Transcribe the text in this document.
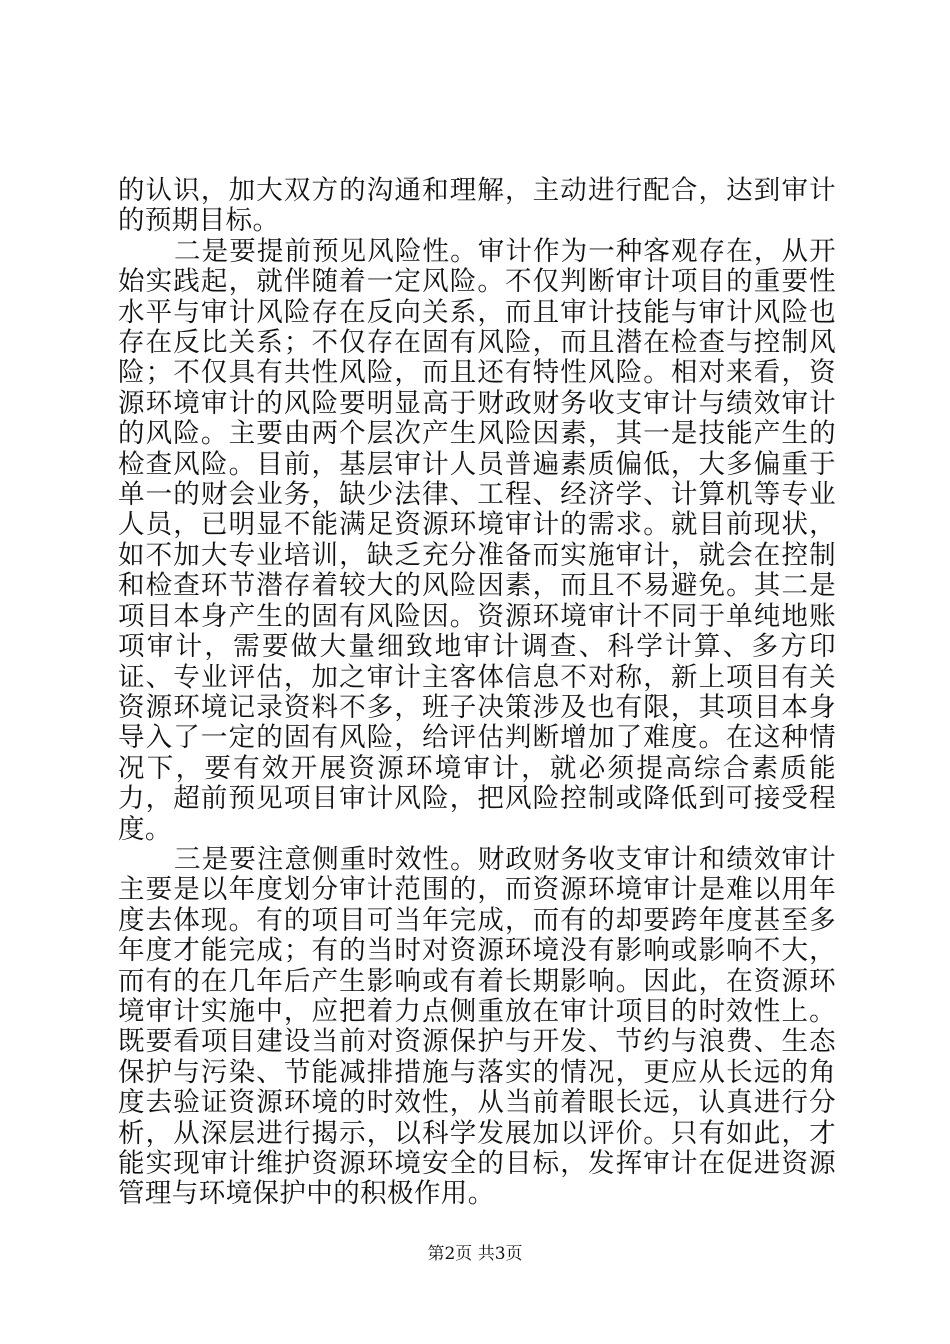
的认识，加大双方的沟通和理解，主动进行配合，达到审计的预期目标。

二是要提前预见风险性。审计作为一种客观存在，从开始实践起，就伴随着一定风险。不仅判断审计项目的重要性水平与审计风险存在反向关系，而且审计技能与审计风险也存在反比关系；不仅存在固有风险，而且潜在检查与控制风险；不仅具有共性风险，而且还有特性风险。相对来看，资源环境审计的风险要明显高于财政财务收支审计与绩效审计的风险。主要由两个层次产生风险因素，其一是技能产生的检查风险。目前，基层审计人员普遍素质偏低，大多偏重于单一的财会业务，缺少法律、工程、经济学、计算机等专业人员，已明显不能满足资源环境审计的需求。就目前现状，如不加大专业培训，缺乏充分准备而实施审计，就会在控制和检查环节潜存着较大的风险因素，而且不易避免。其二是项目本身产生的固有风险因。资源环境审计不同于单纯地账项审计，需要做大量细致地审计调查、科学计算、多方印证、专业评估，加之审计主客体信息不对称，新上项目有关资源环境记录资料不多，班子决策涉及也有限，其项目本身导入了一定的固有风险，给评估判断增加了难度。在这种情况下，要有效开展资源环境审计，就必须提高综合素质能力，超前预见项目审计风险，把风险控制或降低到可接受程度。

三是要注意侧重时效性。财政财务收支审计和绩效审计主要是以年度划分审计范围的，而资源环境审计是难以用年度去体现。有的项目可当年完成，而有的却要跨年度甚至多年度才能完成；有的当时对资源环境没有影响或影响不大，而有的在几年后产生影响或有着长期影响。因此，在资源环境审计实施中，应把着力点侧重放在审计项目的时效性上。既要看项目建设当前对资源保护与开发、节约与浪费、生态保护与污染、节能减排措施与落实的情况，更应从长远的角度去验证资源环境的时效性，从当前着眼长远，认真进行分析，从深层进行揭示，以科学发展加以评价。只有如此，才能实现审计维护资源环境安全的目标，发挥审计在促进资源管理与环境保护中的积极作用。

第2页 共3页
